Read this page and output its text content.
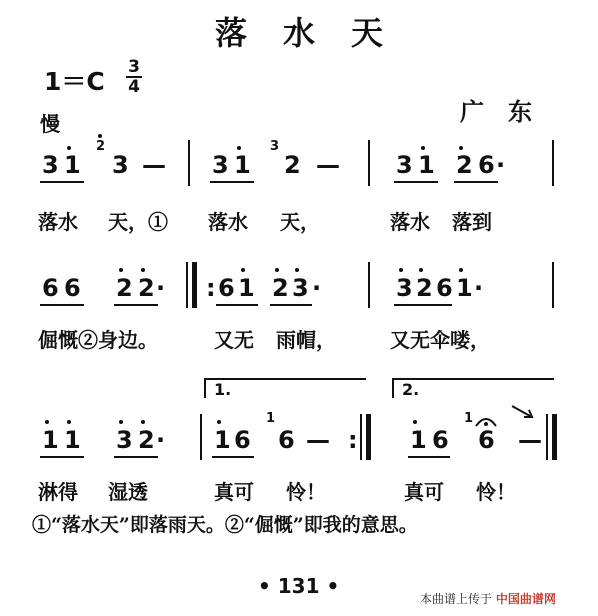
落水天
1＝C 3
4
广东
慢
3 1
2
3 — 3 1
3
2 — 3 1 2 6 ·
落水 天，① 落水 天，	落水 落到
6 6 2 2 · : 6 1 2 3 ·	3 2 6 1 ·
倔慨②身边。	又无 雨帽，	又无伞喽，
1.	2.
1 1 3 2 · 1 6
1
6 — : 1 6
1
6 —
淋得 湿透	真可 怜！	真可 怜！
①“落水天”即落雨天。②“倔慨”即我的意思。
• 131 •
本曲谱上传于 中国曲谱网
